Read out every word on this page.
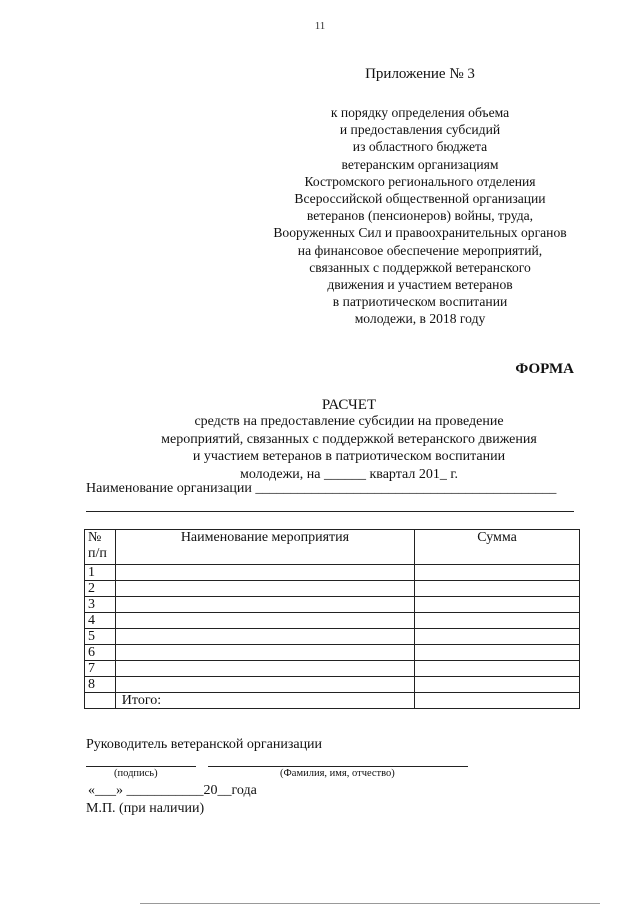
11
Приложение № 3
к порядку определения объема
и предоставления субсидий
из областного бюджета
ветеранским организациям
Костромского регионального отделения
Всероссийской общественной организации
ветеранов (пенсионеров) войны, труда,
Вооруженных Сил и правоохранительных органов
на финансовое обеспечение мероприятий,
связанных с поддержкой ветеранского
движения и участием ветеранов
в патриотическом воспитании
молодежи, в 2018 году
ФОРМА
РАСЧЕТ
средств на предоставление субсидии на проведение
мероприятий, связанных с поддержкой ветеранского движения
и участием ветеранов в патриотическом воспитании
молодежи, на ______ квартал 201_ г.
Наименование организации ___________________________________________
№
п/п	Наименование мероприятия	Сумма
1		
2		
3		
4		
5		
6		
7		
8		
	Итого:	
Руководитель ветеранской организации
(подпись)	(Фамилия, имя, отчество)
«___» ___________20__года
М.П. (при наличии)
